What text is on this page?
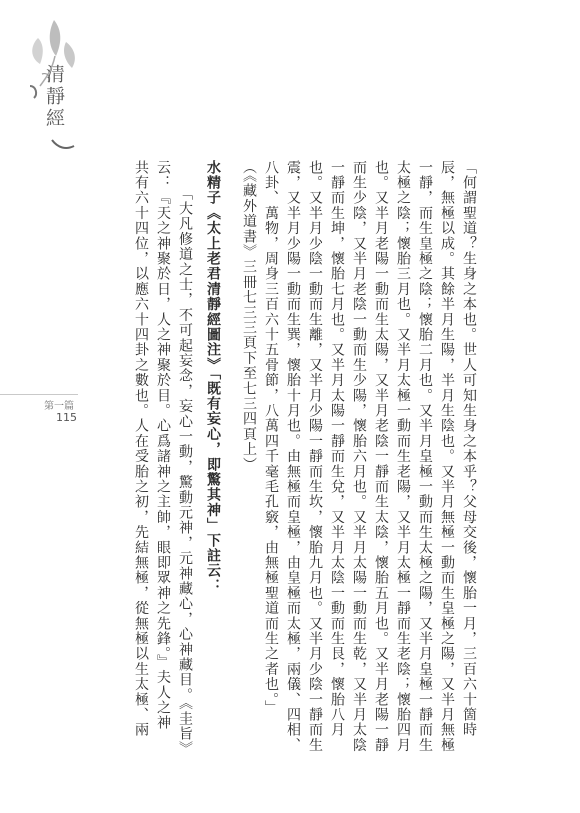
清靜經
第一篇
115	「何謂聖道？生身之本也。世人可知生身之本乎？父母交後，懷胎一月，三百六十箇時
辰，無極以成。其餘半月生陽，半月生陰也。又半月無極一動而生皇極之陽，又半月無極
一靜，而生皇極之陰；懷胎二月也。又半月皇極一動而生太極之陽，又半月皇極一靜而生
太極之陰；懷胎三月也。又半月太極一動而生老陽，又半月太極一靜而生老陰；懷胎四月
也。又半月老陽一動而生太陽，又半月老陰一靜而生太陰，懷胎五月也。又半月老陽一靜
而生少陰，又半月老陰一動而生少陽，懷胎六月也。又半月太陽一動而生乾，又半月太陰
一靜而生坤，懷胎七月也。又半月太陽一靜而生兌，又半月太陰一動而生艮，懷胎八月
也。又半月少陰一動而生離，又半月少陽一靜而生坎，懷胎九月也。又半月少陰一靜而生
震，又半月少陽一動而生巽，懷胎十月也。由無極而皇極，由皇極而太極，兩儀、四相、
八卦、萬物，周身三百六十五骨節，八萬四千毫毛孔竅，由無極聖道而生之者也。」
（《藏外道書》三冊七三三頁下至七三四頁上）
水精子《太上老君清靜經圖注》「既有妄心，即驚其神」下註云：
「大凡修道之士，不可起妄念，妄心一動，驚動元神，元神藏心，心神藏目。《圭旨》
云：『天之神聚於日，人之神聚於目。心爲諸神之主帥，眼即眾神之先鋒。』夫人之神
共有六十四位，以應六十四卦之數也。人在受胎之初，先結無極，從無極以生太極、兩
